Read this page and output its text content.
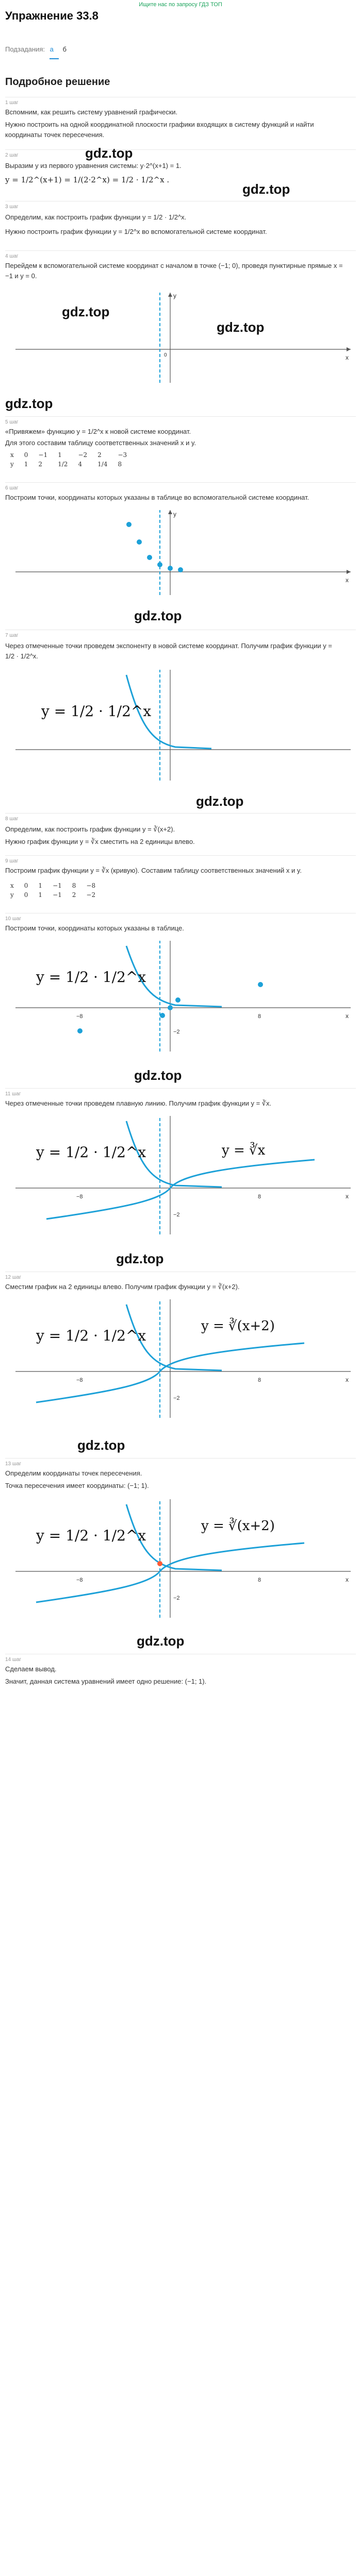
Ищите нас по запросу ГДЗ ТОП
Упражнение 33.8
Подзадания: а б
Подробное решение
1 шаг
Вспомним, как решить систему уравнений графически.
Нужно построить на одной координатной плоскости графики входящих в систему функций и найти координаты точек пересечения.
2 шаг	gdz.top
Выразим y из первого уравнения системы: y·2^(x+1) = 1.
y = 1/2^(x+1) = 1/(2·2^x) = 1/2 · 1/2^x .
3 шаг
gdz.top
Определим, как построить график функции y = 1/2 · 1/2^x.
Нужно построить график функции y = 1/2^x во вспомогательной системе координат.
4 шаг
Перейдем к вспомогательной системе координат с началом в точке (−1; 0), проведя пунктирные прямые x = −1 и y = 0.
y
x
0
gdz.top
gdz.top
gdz.top
5 шаг
«Привяжем» функцию y = 1/2^x к новой системе координат.
Для этого составим таблицу соответственных значений x и y.
x	0	−1	1	−2	2	−3
y	1	2	1/2	4	1/4	8
6 шаг
Построим точки, координаты которых указаны в таблице во вспомогательной системе координат.
x
y
gdz.top
7 шаг
Через отмеченные точки проведем экспоненту в новой системе координат. Получим график функции y = 1/2 · 1/2^x.
y = 1/2 · 1/2^x
gdz.top
8 шаг
Определим, как построить график функции y = ∛(x+2).
Нужно график функции y = ∛x сместить на 2 единицы влево.
9 шаг
Построим график функции y = ∛x (кривую). Составим таблицу соответственных значений x и y.
x	0	1	−1	8	−8
y	0	1	−1	2	−2
10 шаг
Построим точки, координаты которых указаны в таблице.
y = 1/2 · 1/2^x
−8	8
−2
x
gdz.top
11 шаг
Через отмеченные точки проведем плавную линию. Получим график функции y = ∛x.
y = 1/2 · 1/2^x	y = ∛x
−8	8
−2
x
gdz.top
12 шаг
Сместим график на 2 единицы влево. Получим график функции y = ∛(x+2).
y = 1/2 · 1/2^x
y = ∛(x+2)
−8	8
−2
x
gdz.top
13 шаг
Определим координаты точек пересечения.
Точка пересечения имеет координаты: (−1; 1).
y = 1/2 · 1/2^x
y = ∛(x+2)
−8	8
−2
x
gdz.top
14 шаг
Сделаем вывод.
Значит, данная система уравнений имеет одно решение: (−1; 1).
